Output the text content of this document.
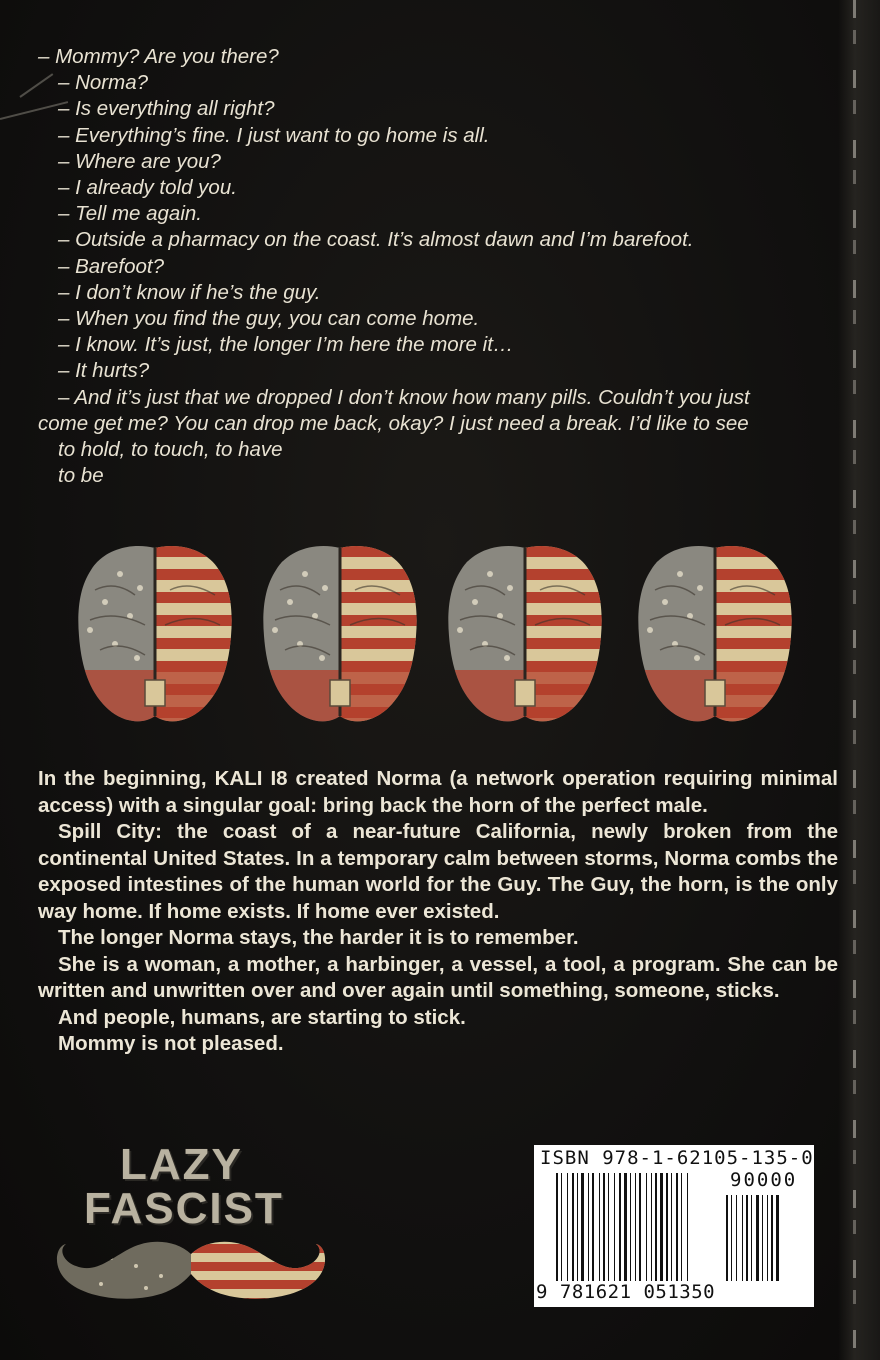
– Mommy? Are you there?
– Norma?
– Is everything all right?
– Everything’s fine. I just want to go home is all.
– Where are you?
– I already told you.
– Tell me again.
– Outside a pharmacy on the coast. It’s almost dawn and I’m barefoot.
– Barefoot?
– I don’t know if he’s the guy.
– When you find the guy, you can come home.
– I know. It’s just, the longer I’m here the more it…
– It hurts?
– And it’s just that we dropped I don’t know how many pills. Couldn’t you just
come get me? You can drop me back, okay? I just need a break. I’d like to see
to hold, to touch, to have
to be

In the beginning, KALI I8 created Norma (a network operation requiring minimal access) with a singular goal: bring back the horn of the perfect male.

Spill City: the coast of a near-future California, newly broken from the continental United States. In a temporary calm between storms, Norma combs the exposed intestines of the human world for the Guy. The Guy, the horn, is the only way home. If home exists. If home ever existed.

The longer Norma stays, the harder it is to remember.

She is a woman, a mother, a harbinger, a vessel, a tool, a program. She can be written and unwritten over and over again until something, someone, sticks.

And people, humans, are starting to stick.

Mommy is not pleased.

LAZY
FASCIST
ISBN 978-1-62105-135-0
90000
9 781621 051350
